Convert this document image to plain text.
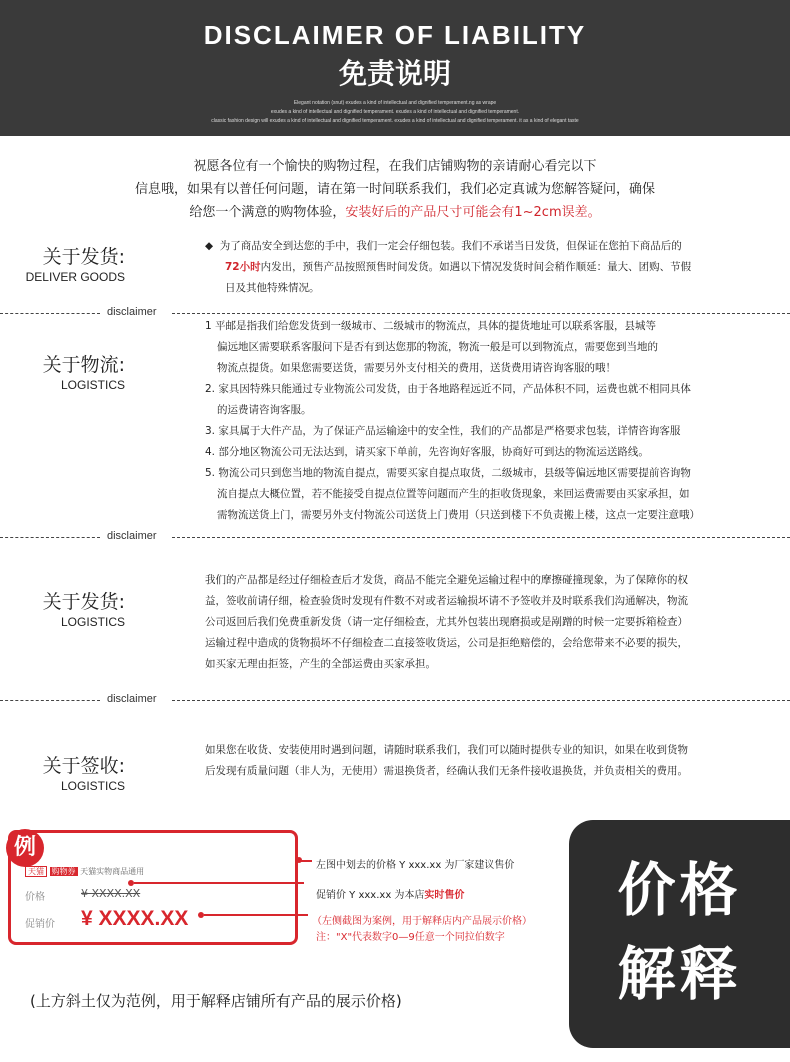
DISCLAIMER OF LIABILITY
免责说明
Elegant notation (snut) exudes a kind of intellectual and dignified temperament.ng as wrape
exudes a kind of intellectual and dignified temperament. exudes a kind of intellectual and dignified temperament.
classic fashion design will exudes a kind of intellectual and dignified temperament. exudes a kind of intellectual and dignified temperament. it as a kind of elegant taste
祝愿各位有一个愉快的购物过程，在我们店铺购物的亲请耐心看完以下
信息哦，如果有以普任何问题，请在第一时间联系我们，我们必定真诚为您解答疑问，确保
给您一个满意的购物体验，安装好后的产品尺寸可能会有1~2cm误差。
关于发货:
DELIVER GOODS
◆ 为了商品安全到达您的手中，我们一定会仔细包装。我们不承诺当日发货，但保证在您拍下商品后的
72小时内发出，预售产品按照预售时间发货。如遇以下情况发货时间会稍作顺延：量大、团购、节假
日及其他特殊情况。
disclaimer
关于物流:
LOGISTICS
1 平邮是指我们给您发货到一级城市、二级城市的物流点，具体的提货地址可以联系客服，县城等
偏远地区需要联系客服问下是否有到达您那的物流，物流一般是可以到物流点，需要您到当地的
物流点提货。如果您需要送货，需要另外支付相关的费用，送货费用请咨询客服的哦！
2. 家具因特殊只能通过专业物流公司发货，由于各地路程远近不同，产品体积不同，运费也就不相同具体
的运费请咨询客服。
3. 家具属于大件产品，为了保证产品运输途中的安全性，我们的产品都是严格要求包装，详情咨询客服
4. 部分地区物流公司无法达到，请买家下单前，先咨询好客服，协商好可到达的物流运送路线。
5. 物流公司只到您当地的物流自提点，需要买家自提点取货，二级城市，县级等偏远地区需要提前咨询物
流自提点大概位置，若不能接受自提点位置等问题而产生的拒收货现象，来回运费需要由买家承担，如
需物流送货上门，需要另外支付物流公司送货上门费用（只送到楼下不负责搬上楼，这点一定要注意哦）
disclaimer
关于发货:
LOGISTICS
我们的产品都是经过仔细检查后才发货，商品不能完全避免运输过程中的摩擦碰撞现象，为了保障你的权
益，签收前请仔细，检查验货时发现有件数不对或者运输损坏请不予签收并及时联系我们沟通解决，物流
公司返回后我们免费重新发货（请一定仔细检查，尤其外包装出现磨损或是剐蹭的时候一定要拆箱检查）
运输过程中造成的货物损坏不仔细检查二直接签收货运，公司是拒绝赔偿的，会给您带来不必要的损失，
如买家无理由拒签，产生的全部运费由买家承担。
disclaimer
关于签收:
LOGISTICS
如果您在收货、安装使用时遇到问题，请随时联系我们，我们可以随时提供专业的知识，如果在收到货物
后发现有质量问题（非人为，无使用）需退换货者，经确认我们无条件接收退换货，并负责相关的费用。
天猫 购物券 天猫实物商品通用
价格	¥ XXXX.XX
促销价 ¥ XXXX.XX
例
左图中划去的价格 Y xxx.xx 为厂家建议售价
促销价 Y xxx.xx 为本店实时售价
（左侧截图为案例，用于解释店内产品展示价格）
注："X"代表数字0—9任意一个同拉伯数字
价格
解释
(上方斜土仅为范例，用于解释店铺所有产品的展示价格)
